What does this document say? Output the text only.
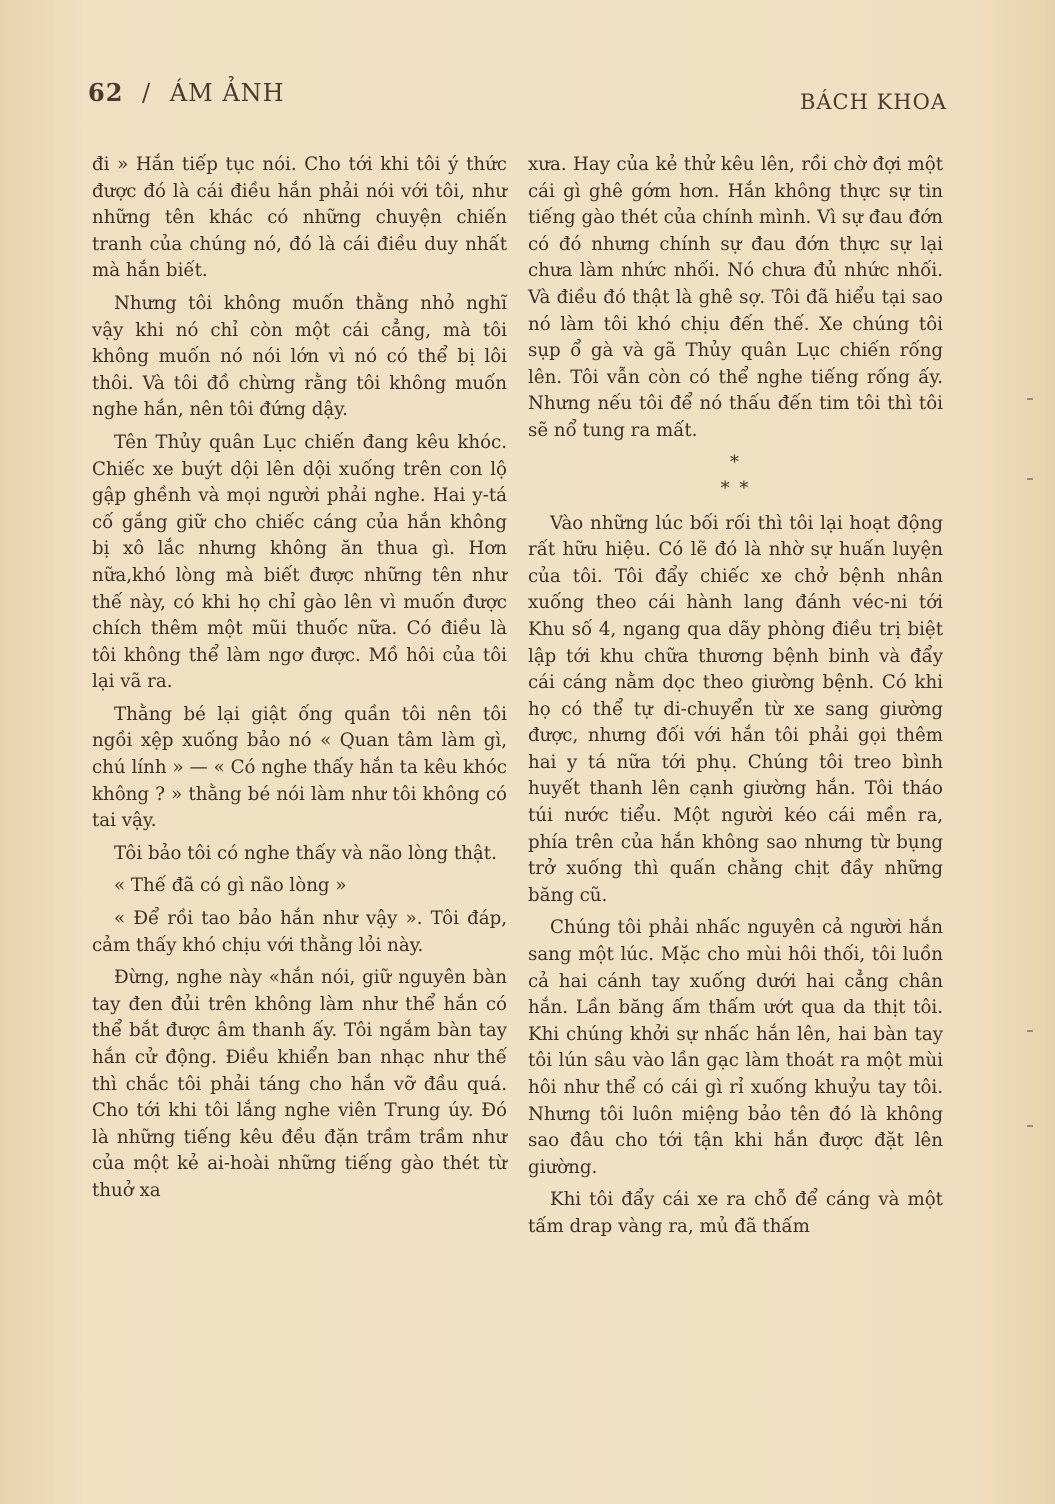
62 / ÁM ẢNH	BÁCH KHOA

đi » Hắn tiếp tục nói. Cho tới khi tôi ý thức được đó là cái điều hắn phải nói với tôi, như những tên khác có những chuyện chiến tranh của chúng nó, đó là cái điều duy nhất mà hắn biết.

Nhưng tôi không muốn thằng nhỏ nghĩ vậy khi nó chỉ còn một cái cẳng, mà tôi không muốn nó nói lớn vì nó có thể bị lôi thôi. Và tôi đồ chừng rằng tôi không muốn nghe hắn, nên tôi đứng dậy.

Tên Thủy quân Lục chiến đang kêu khóc. Chiếc xe buýt dội lên dội xuống trên con lộ gập ghềnh và mọi người phải nghe. Hai y-tá cố gắng giữ cho chiếc cáng của hắn không bị xô lắc nhưng không ăn thua gì. Hơn nữa,khó lòng mà biết được những tên như thế này, có khi họ chỉ gào lên vì muốn được chích thêm một mũi thuốc nữa. Có điều là tôi không thể làm ngơ được. Mồ hôi của tôi lại vã ra.

Thằng bé lại giật ống quần tôi nên tôi ngồi xệp xuống bảo nó « Quan tâm làm gì, chú lính » — « Có nghe thấy hắn ta kêu khóc không ? » thằng bé nói làm như tôi không có tai vậy.

Tôi bảo tôi có nghe thấy và não lòng thật.

« Thế đã có gì não lòng »

« Để rồi tao bảo hắn như vậy ». Tôi đáp, cảm thấy khó chịu với thằng lỏi này.

Đừng, nghe này «hắn nói, giữ nguyên bàn tay đen đủi trên không làm như thể hắn có thể bắt được âm thanh ấy. Tôi ngắm bàn tay hắn cử động. Điều khiển ban nhạc như thế thì chắc tôi phải táng cho hắn vỡ đầu quá. Cho tới khi tôi lắng nghe viên Trung úy. Đó là những tiếng kêu đều đặn trầm trầm như của một kẻ ai-hoài những tiếng gào thét từ thuở xa

xưa. Hay của kẻ thử kêu lên, rồi chờ đợi một cái gì ghê gớm hơn. Hắn không thực sự tin tiếng gào thét của chính mình. Vì sự đau đớn có đó nhưng chính sự đau đớn thực sự lại chưa làm nhức nhối. Nó chưa đủ nhức nhối. Và điều đó thật là ghê sợ. Tôi đã hiểu tại sao nó làm tôi khó chịu đến thế. Xe chúng tôi sụp ổ gà và gã Thủy quân Lục chiến rống lên. Tôi vẫn còn có thể nghe tiếng rống ấy. Nhưng nếu tôi để nó thấu đến tim tôi thì tôi sẽ nổ tung ra mất.

*
* *

Vào những lúc bối rối thì tôi lại hoạt động rất hữu hiệu. Có lẽ đó là nhờ sự huấn luyện của tôi. Tôi đẩy chiếc xe chở bệnh nhân xuống theo cái hành lang đánh véc-ni tới Khu số 4, ngang qua dãy phòng điều trị biệt lập tới khu chữa thương bệnh binh và đẩy cái cáng nằm dọc theo giường bệnh. Có khi họ có thể tự di-chuyển từ xe sang giường được, nhưng đối với hắn tôi phải gọi thêm hai y tá nữa tới phụ. Chúng tôi treo bình huyết thanh lên cạnh giường hắn. Tôi tháo túi nước tiểu. Một người kéo cái mền ra, phía trên của hắn không sao nhưng từ bụng trở xuống thì quấn chằng chịt đầy những băng cũ.

Chúng tôi phải nhấc nguyên cả người hắn sang một lúc. Mặc cho mùi hôi thối, tôi luồn cả hai cánh tay xuống dưới hai cẳng chân hắn. Lần băng ấm thấm ướt qua da thịt tôi. Khi chúng khởi sự nhấc hắn lên, hai bàn tay tôi lún sâu vào lần gạc làm thoát ra một mùi hôi như thể có cái gì rỉ xuống khuỷu tay tôi. Nhưng tôi luôn miệng bảo tên đó là không sao đâu cho tới tận khi hắn được đặt lên giường.

Khi tôi đẩy cái xe ra chỗ để cáng và một tấm drap vàng ra, mủ đã thấm
